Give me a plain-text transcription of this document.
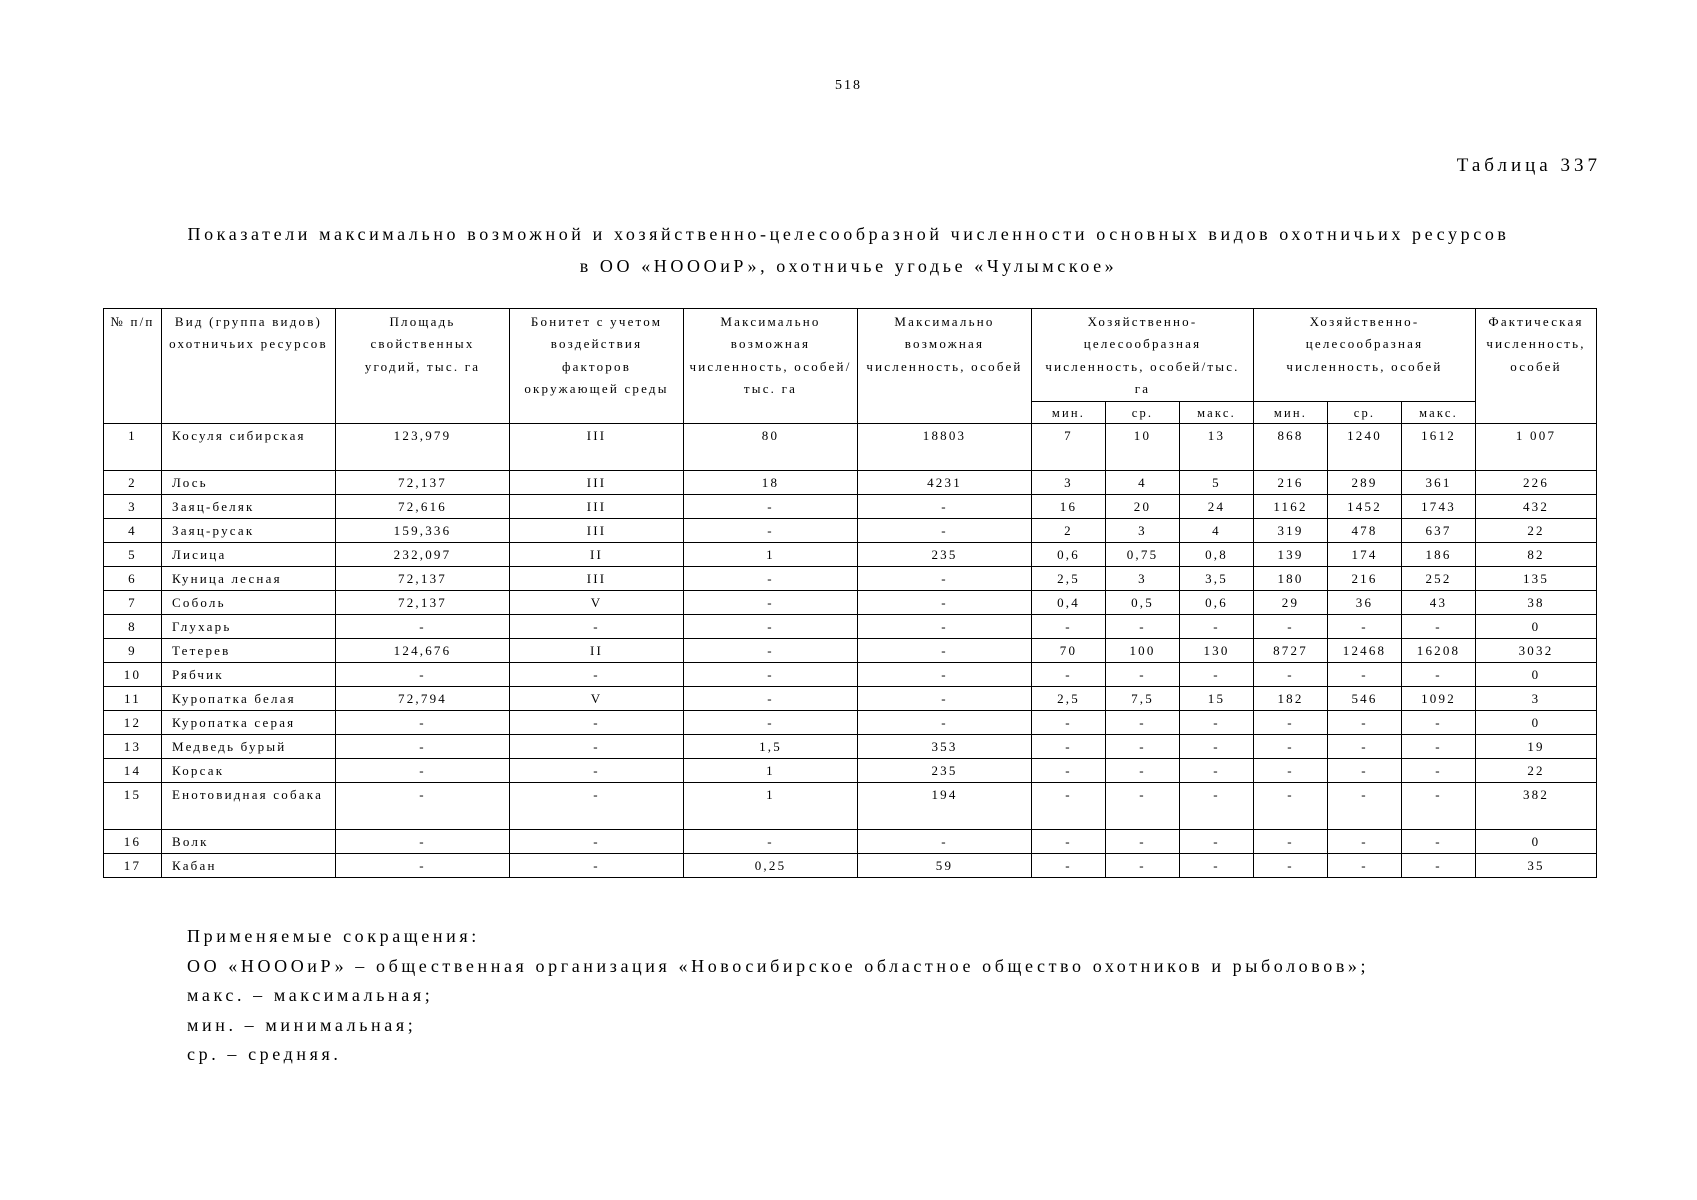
518
Таблица 337
Показатели максимально возможной и хозяйственно-целесообразной численности основных видов охотничьих ресурсов
в ОО «НОООиР», охотничье угодье «Чулымское»
№ п/п	Вид (группа видов) охотничьих ресурсов	Площадь свойственных угодий, тыс. га	Бонитет с учетом воздействия факторов окружающей среды	Максимально возможная численность, особей/тыс. га	Максимально возможная численность, особей	Хозяйственно-целесообразная численность, особей/тыс. га			Хозяйственно-целесообразная численность, особей			Фактическая численность, особей
						мин.	ср.	макс.	мин.	ср.	макс.	
1	Косуля сибирская	123,979	III	80	18803	7	10	13	868	1240	1612	1 007
2	Лось	72,137	III	18	4231	3	4	5	216	289	361	226
3	Заяц-беляк	72,616	III	-	-	16	20	24	1162	1452	1743	432
4	Заяц-русак	159,336	III	-	-	2	3	4	319	478	637	22
5	Лисица	232,097	II	1	235	0,6	0,75	0,8	139	174	186	82
6	Куница лесная	72,137	III	-	-	2,5	3	3,5	180	216	252	135
7	Соболь	72,137	V	-	-	0,4	0,5	0,6	29	36	43	38
8	Глухарь	-	-	-	-	-	-	-	-	-	-	0
9	Тетерев	124,676	II	-	-	70	100	130	8727	12468	16208	3032
10	Рябчик	-	-	-	-	-	-	-	-	-	-	0
11	Куропатка белая	72,794	V	-	-	2,5	7,5	15	182	546	1092	3
12	Куропатка серая	-	-	-	-	-	-	-	-	-	-	0
13	Медведь бурый	-	-	1,5	353	-	-	-	-	-	-	19
14	Корсак	-	-	1	235	-	-	-	-	-	-	22
15	Енотовидная собака	-	-	1	194	-	-	-	-	-	-	382
16	Волк	-	-	-	-	-	-	-	-	-	-	0
17	Кабан	-	-	0,25	59	-	-	-	-	-	-	35
Применяемые сокращения:
ОО «НОООиР» – общественная организация «Новосибирское областное общество охотников и рыболовов»;
макс. – максимальная;
мин. – минимальная;
ср. – средняя.
